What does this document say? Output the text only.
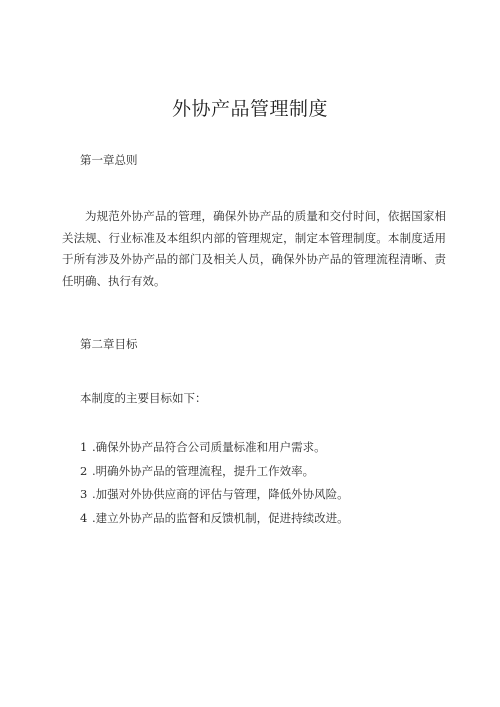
外协产品管理制度
第一章总则

为规范外协产品的管理，确保外协产品的质量和交付时间，依据国家相关法规、行业标准及本组织内部的管理规定，制定本管理制度。本制度适用于所有涉及外协产品的部门及相关人员，确保外协产品的管理流程清晰、责任明确、执行有效。

第二章目标

本制度的主要目标如下：

1 .确保外协产品符合公司质量标准和用户需求。
2 .明确外协产品的管理流程，提升工作效率。
3 .加强对外协供应商的评估与管理，降低外协风险。
4 .建立外协产品的监督和反馈机制，促进持续改进。
